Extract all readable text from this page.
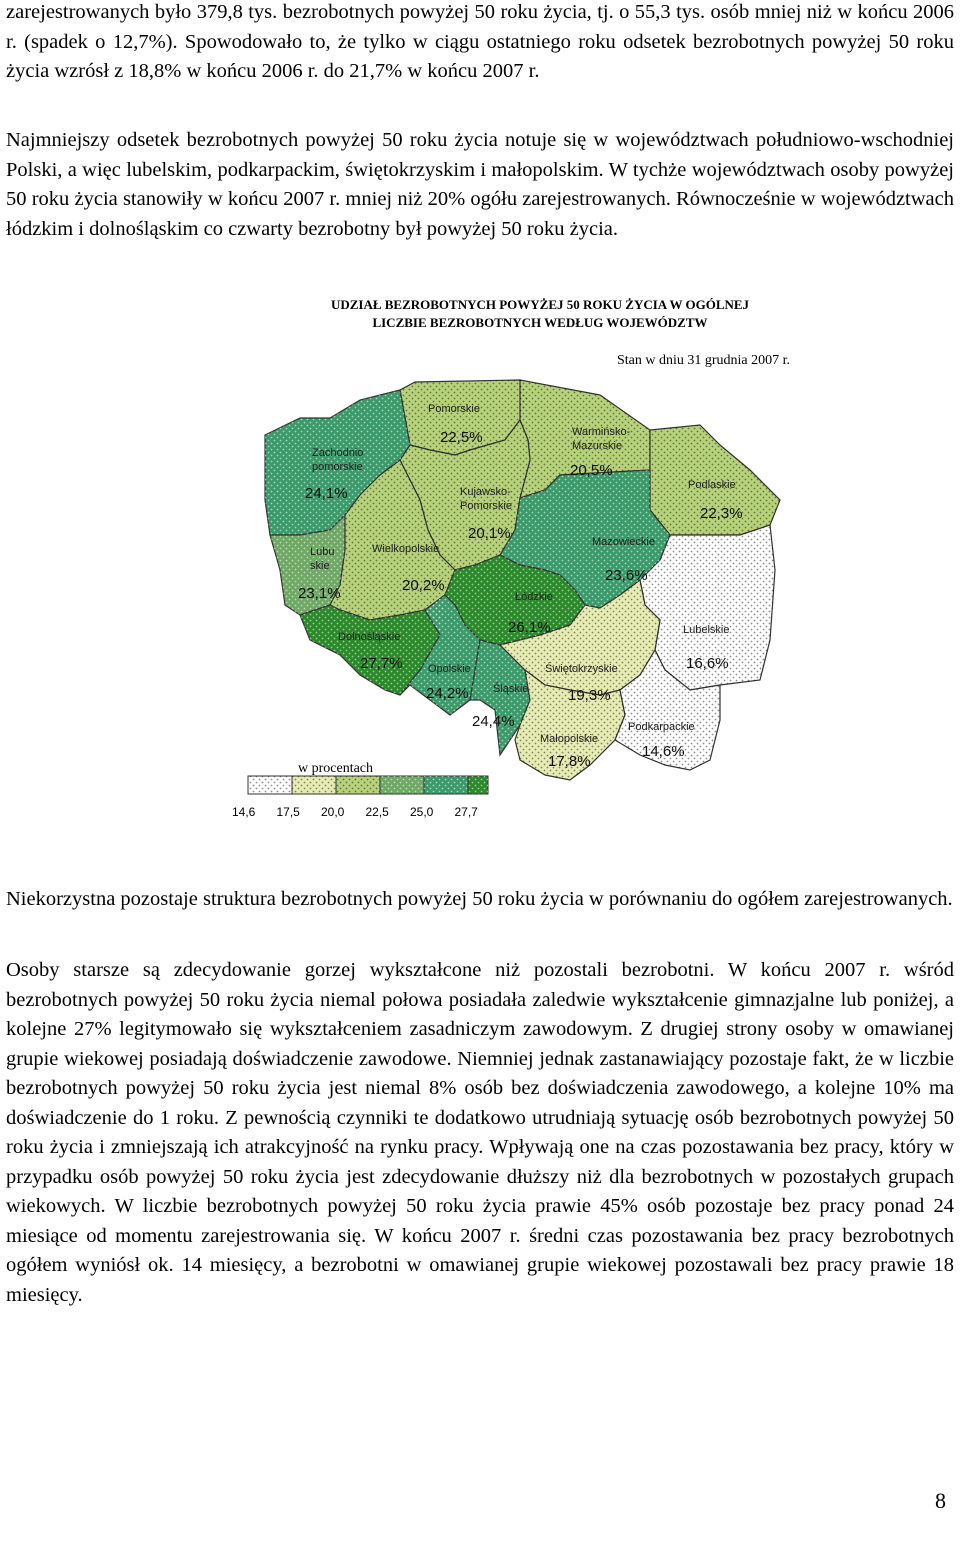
zarejestrowanych było 379,8 tys. bezrobotnych powyżej 50 roku życia, tj. o 55,3 tys. osób mniej niż w końcu 2006 r. (spadek o 12,7%). Spowodowało to, że tylko w ciągu ostatniego roku odsetek bezrobotnych powyżej 50 roku życia wzrósł z 18,8% w końcu 2006 r. do 21,7% w końcu 2007 r.

Najmniejszy odsetek bezrobotnych powyżej 50 roku życia notuje się w województwach południowo-wschodniej Polski, a więc lubelskim, podkarpackim, świętokrzyskim i małopolskim. W tychże województwach osoby powyżej 50 roku życia stanowiły w końcu 2007 r. mniej niż 20% ogółu zarejestrowanych. Równocześnie w województwach łódzkim i dolnośląskim co czwarty bezrobotny był powyżej 50 roku życia.

UDZIAŁ BEZROBOTNYCH POWYŻEJ 50 ROKU ŻYCIA W OGÓLNEJ
LICZBIE BEZROBOTNYCH WEDŁUG WOJEWÓDZTW
Stan w dniu 31 grudnia 2007 r.
Pomorskie
22,5%	Warmińsko-
Mazurskie
20,5%
Podlaskie
22,3%
Zachodnio
pomorskie
24,1%	Kujawsko-
Pomorskie
20,1%
Lubu
skie
23,1%
Wielkopolskie
20,2%
Mazowieckie
23,6%
Łódzkie
26,1%	Lubelskie
16,6%
Dolnośląskie
27,7% Opolskie
24,2% Śląskie
24,4%
Świętokrzyskie
19,3%
Małopolskie
17,8%
Podkarpackie
14,6%
w procentach
14,6 17,5 20,0 22,5 25,0 27,7

Niekorzystna pozostaje struktura bezrobotnych powyżej 50 roku życia w porównaniu do ogółem zarejestrowanych.

Osoby starsze są zdecydowanie gorzej wykształcone niż pozostali bezrobotni. W końcu 2007 r. wśród bezrobotnych powyżej 50 roku życia niemal połowa posiadała zaledwie wykształcenie gimnazjalne lub poniżej, a kolejne 27% legitymowało się wykształceniem zasadniczym zawodowym. Z drugiej strony osoby w omawianej grupie wiekowej posiadają doświadczenie zawodowe. Niemniej jednak zastanawiający pozostaje fakt, że w liczbie bezrobotnych powyżej 50 roku życia jest niemal 8% osób bez doświadczenia zawodowego, a kolejne 10% ma doświadczenie do 1 roku. Z pewnością czynniki te dodatkowo utrudniają sytuację osób bezrobotnych powyżej 50 roku życia i zmniejszają ich atrakcyjność na rynku pracy. Wpływają one na czas pozostawania bez pracy, który w przypadku osób powyżej 50 roku życia jest zdecydowanie dłuższy niż dla bezrobotnych w pozostałych grupach wiekowych. W liczbie bezrobotnych powyżej 50 roku życia prawie 45% osób pozostaje bez pracy ponad 24 miesiące od momentu zarejestrowania się. W końcu 2007 r. średni czas pozostawania bez pracy bezrobotnych ogółem wyniósł ok. 14 miesięcy, a bezrobotni w omawianej grupie wiekowej pozostawali bez pracy prawie 18 miesięcy.

8
